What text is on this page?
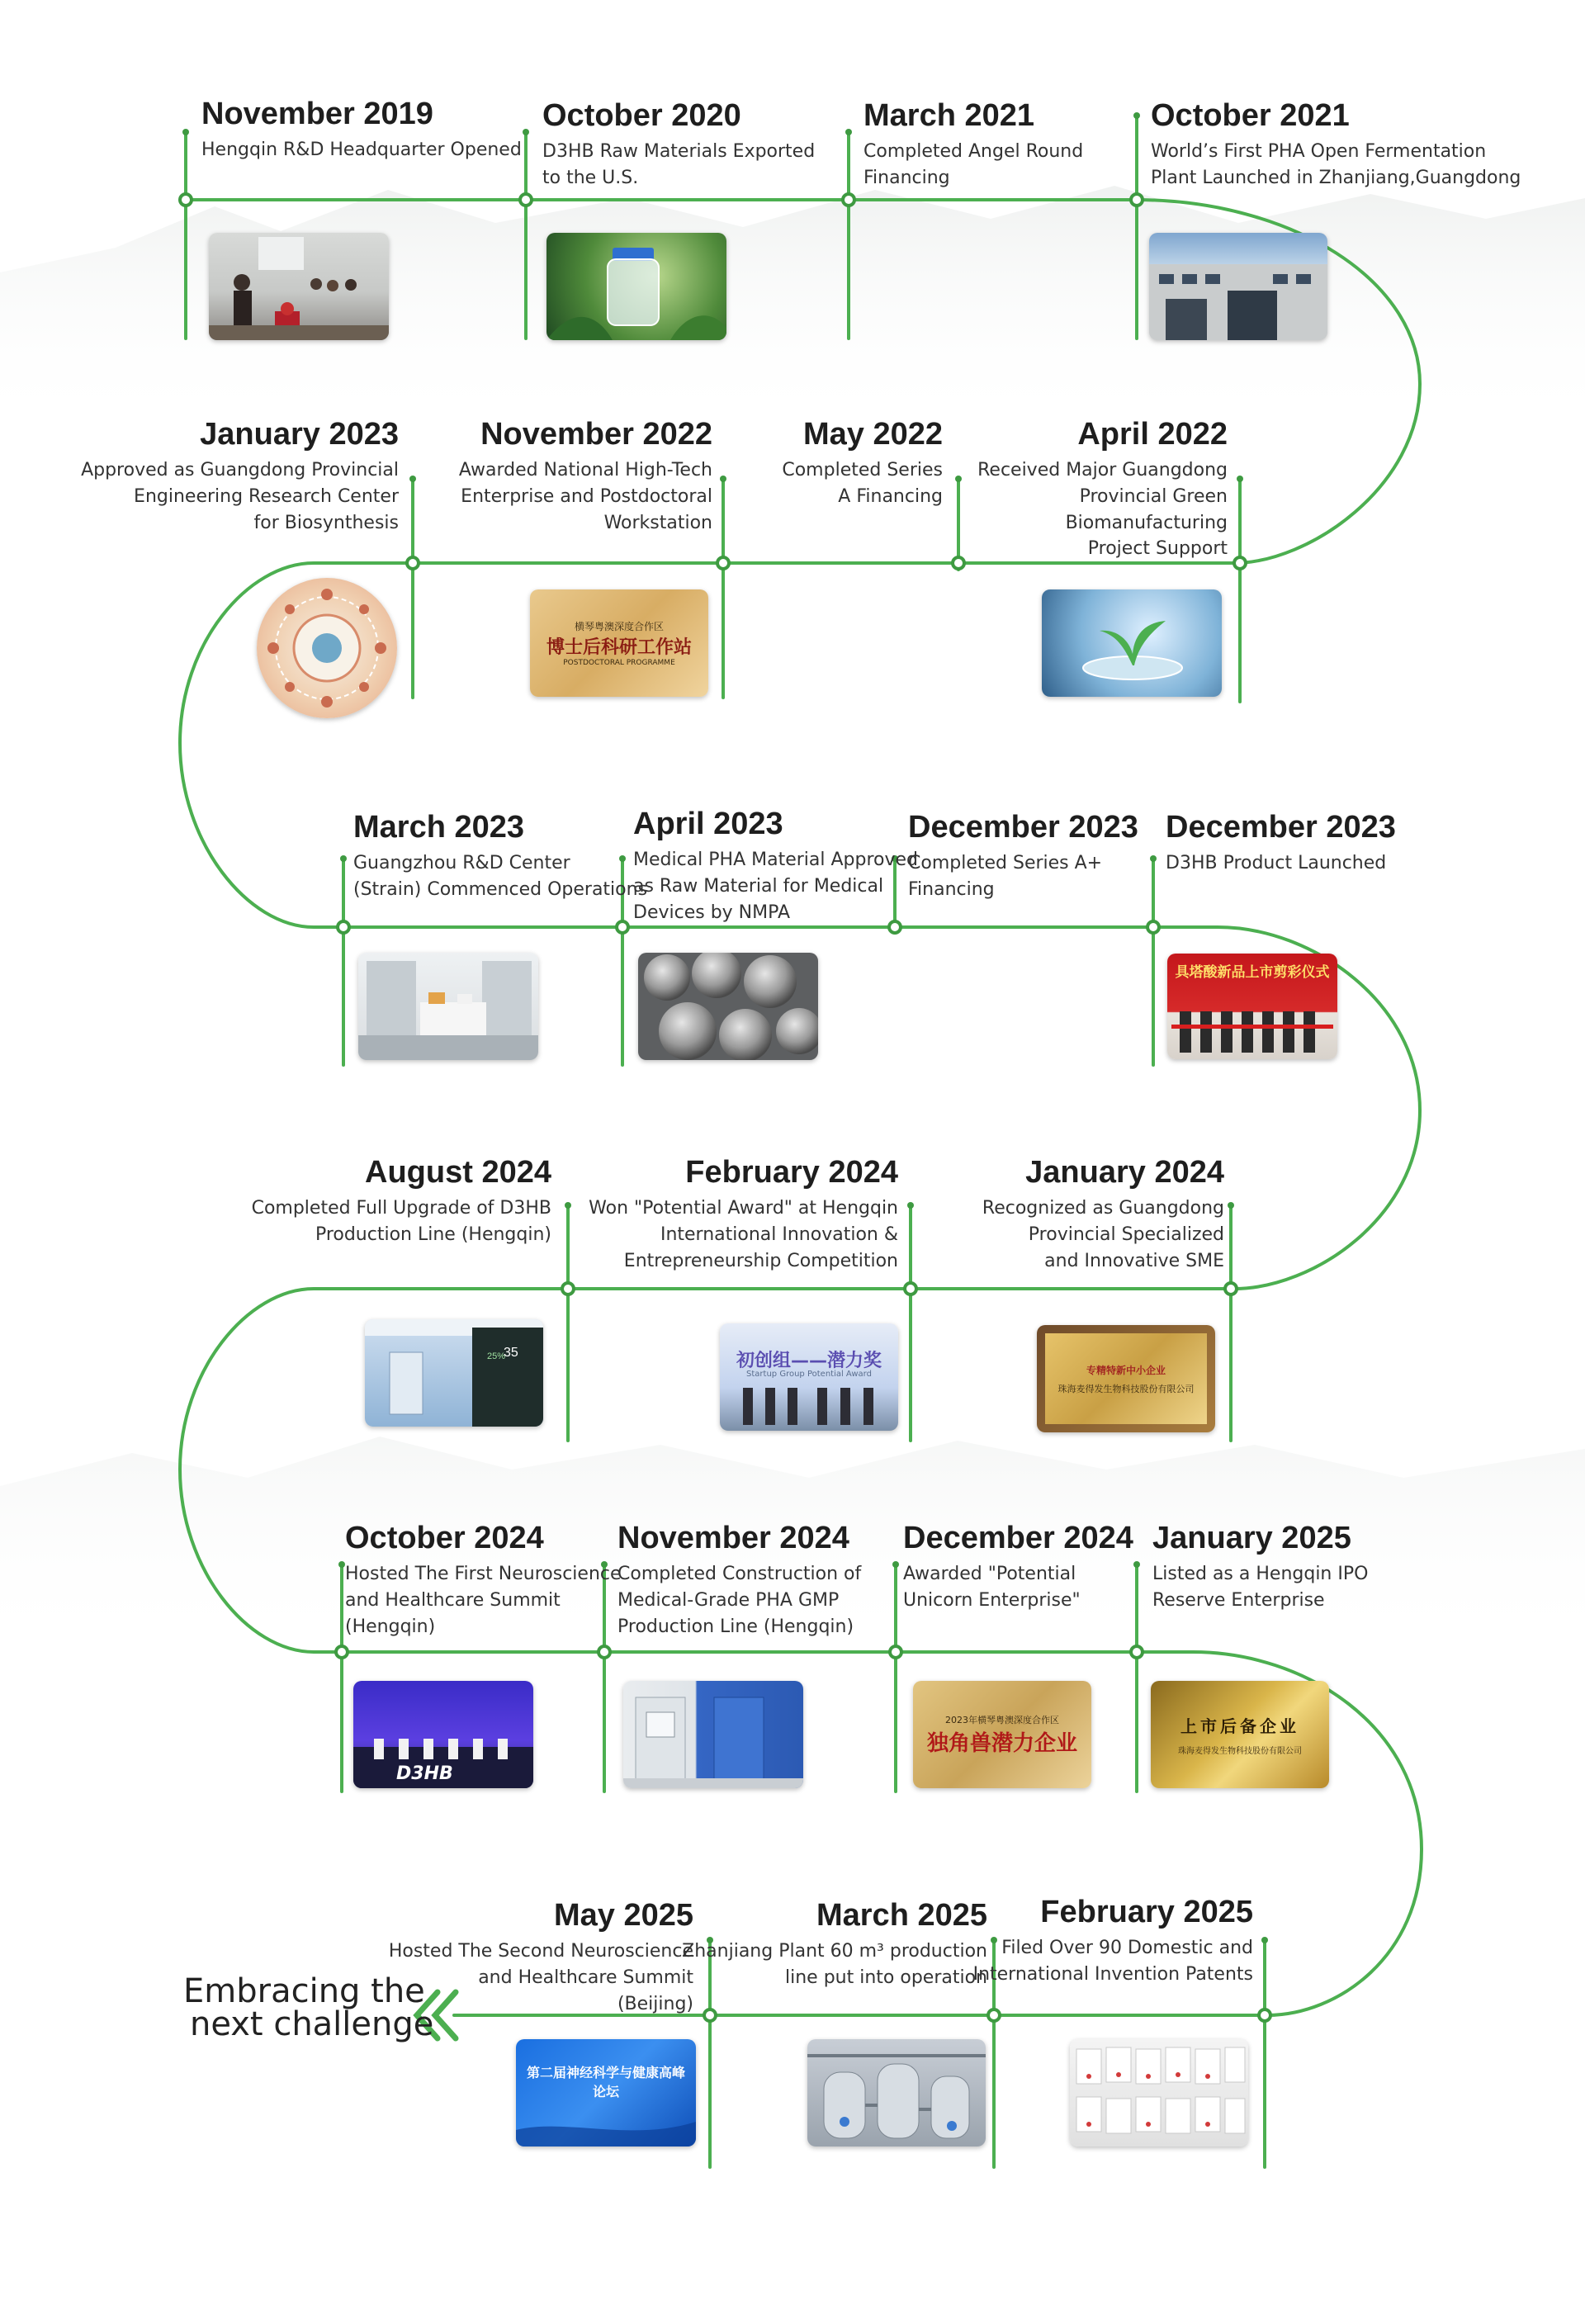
November 2019
Hengqin R&D Headquarter Opened
October 2020
D3HB Raw Materials Exported
to the U.S.
March 2021
Completed Angel Round
Financing
October 2021
World’s First PHA Open Fermentation
Plant Launched in Zhanjiang,Guangdong
January 2023
Approved as Guangdong Provincial
Engineering Research Center
for Biosynthesis
November 2022
Awarded National High-Tech
Enterprise and Postdoctoral
Workstation
May 2022
Completed Series
A Financing
April 2022
Received Major Guangdong
Provincial Green
Biomanufacturing
Project Support
March 2023
Guangzhou R&D Center
(Strain) Commenced Operations
April 2023
Medical PHA Material Approved
as Raw Material for Medical
Devices by NMPA
December 2023
Completed Series A+
Financing
December 2023
D3HB Product Launched
August 2024
Completed Full Upgrade of D3HB
Production Line (Hengqin)
February 2024
Won "Potential Award" at Hengqin
International Innovation &
Entrepreneurship Competition
January 2024
Recognized as Guangdong
Provincial Specialized
and Innovative SME
October 2024
Hosted The First Neuroscience
and Healthcare Summit
(Hengqin)
November 2024
Completed Construction of
Medical-Grade PHA GMP
Production Line (Hengqin)
December 2024
Awarded "Potential
Unicorn Enterprise"
January 2025
Listed as a Hengqin IPO
Reserve Enterprise
May 2025
Hosted The Second Neuroscience
and Healthcare Summit
(Beijing)
March 2025
Zhanjiang Plant 60 m³ production
line put into operation
February 2025
Filed Over 90 Domestic and
International Invention Patents
Embracing the
next challenge
横琴粤澳深度合作区
博士后科研工作站
POSTDOCTORAL PROGRAMME
具塔酸新品上市剪彩仪式
35
25%	初创组——潜力奖
Startup Group Potential Award	专精特新中小企业
珠海麦得发生物科技股份有限公司
D3HB
2023年横琴粤澳深度合作区
独角兽潜力企业
上市后备企业
珠海麦得发生物科技股份有限公司
第二届神经科学与健康高峰论坛
